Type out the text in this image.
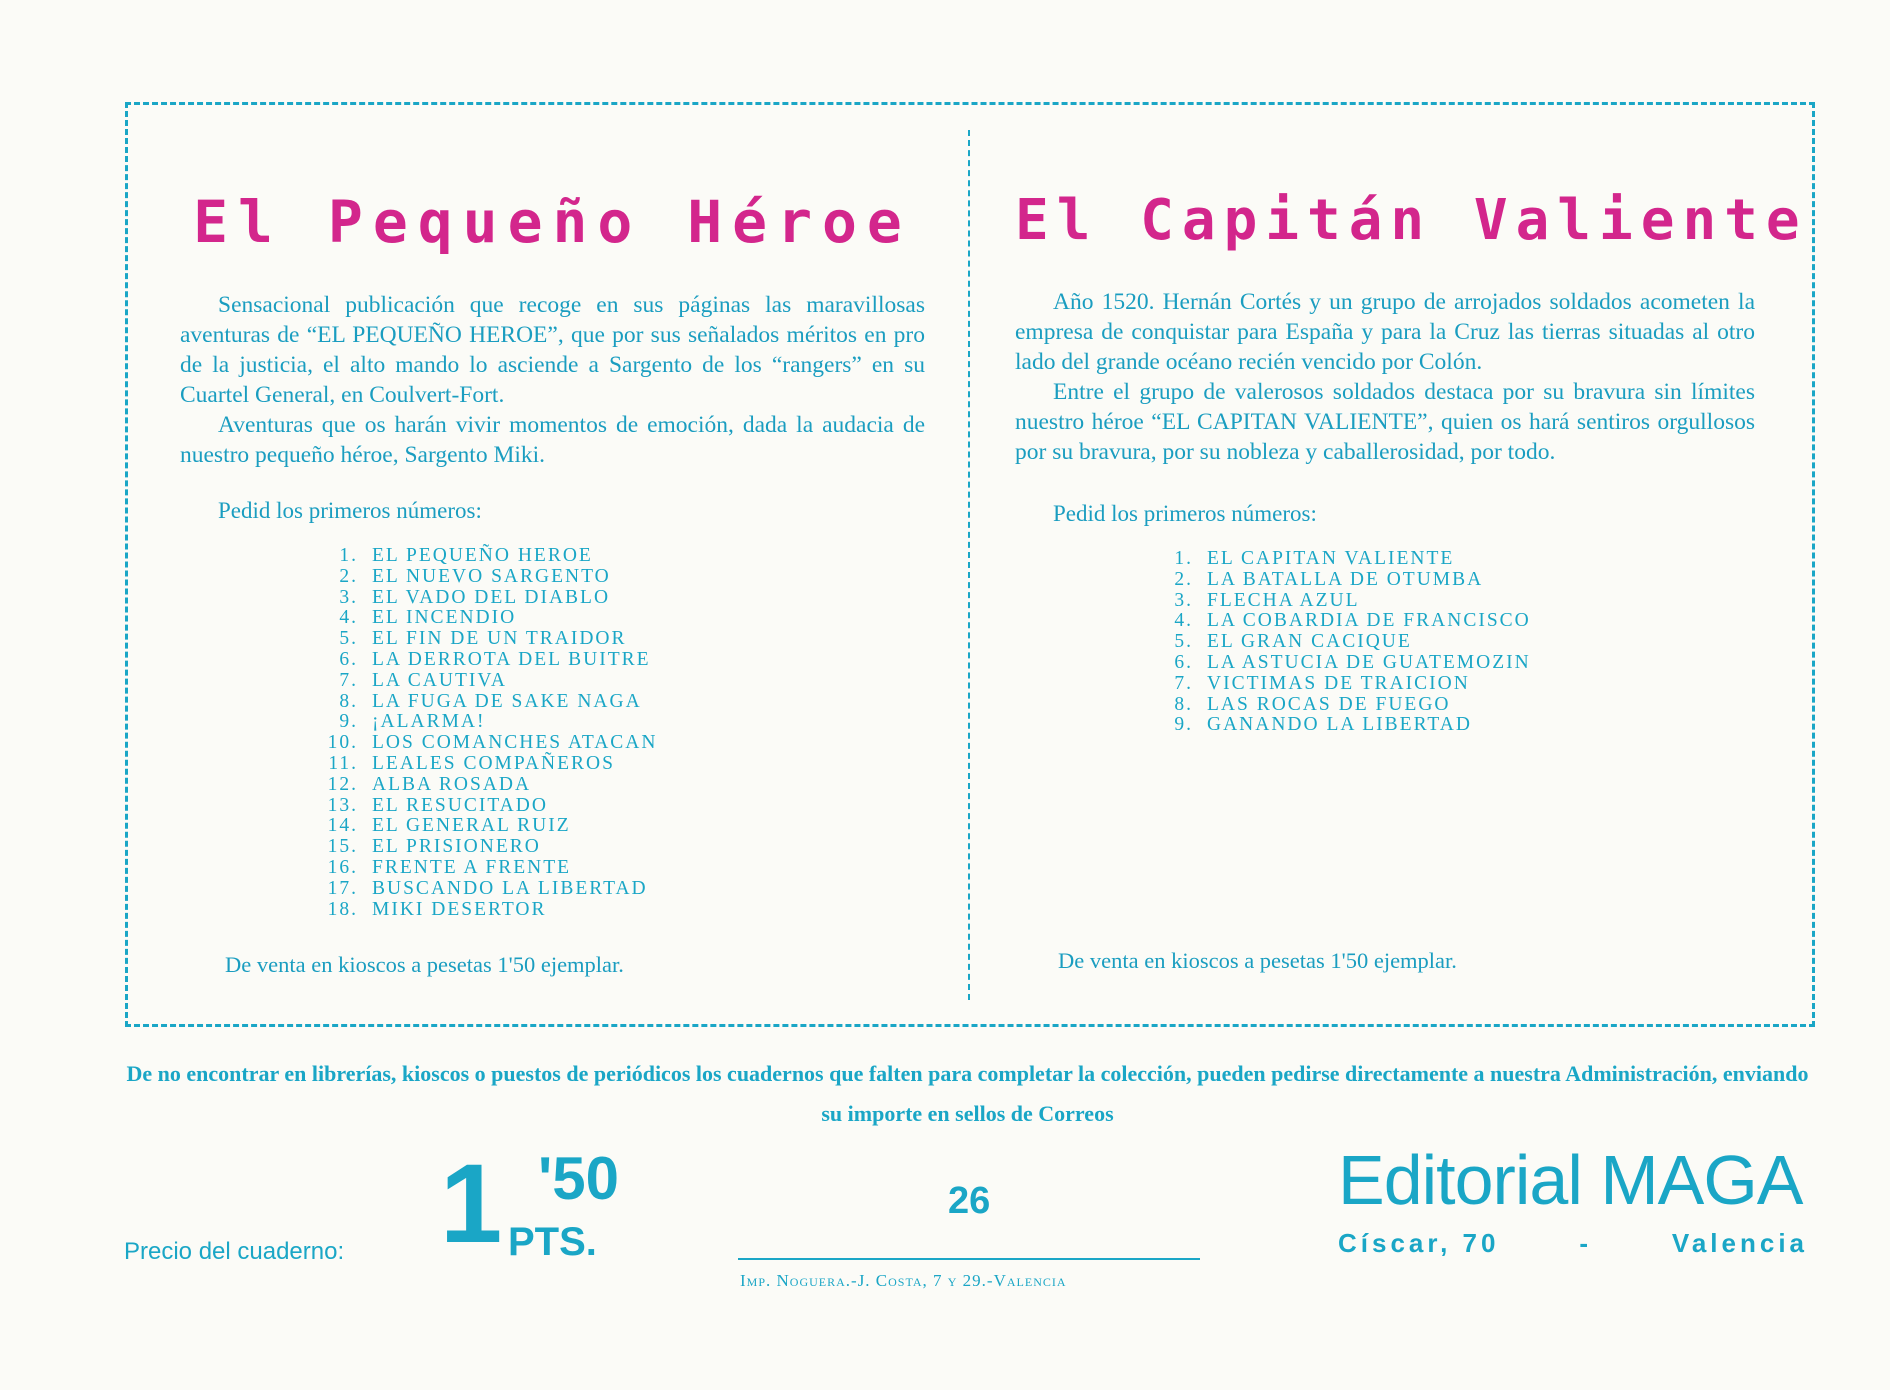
El Pequeño Héroe

Sensacional publicación que recoge en sus páginas las maravillosas aventuras de “EL PEQUEÑO HEROE”, que por sus señalados méritos en pro de la justicia, el alto mando lo asciende a Sargento de los “rangers” en su Cuartel General, en Coulvert-Fort.

Aventuras que os harán vivir momentos de emoción, dada la audacia de nuestro pequeño héroe, Sargento Miki.

Pedid los primeros números:
1. EL PEQUEÑO HEROE
2. EL NUEVO SARGENTO
3. EL VADO DEL DIABLO
4. EL INCENDIO
5. EL FIN DE UN TRAIDOR
6. LA DERROTA DEL BUITRE
7. LA CAUTIVA
8. LA FUGA DE SAKE NAGA
9. ¡ALARMA!
10. LOS COMANCHES ATACAN
11. LEALES COMPAÑEROS
12. ALBA ROSADA
13. EL RESUCITADO
14. EL GENERAL RUIZ
15. EL PRISIONERO
16. FRENTE A FRENTE
17. BUSCANDO LA LIBERTAD
18. MIKI DESERTOR
De venta en kioscos a pesetas 1'50 ejemplar.
El Capitán Valiente

Año 1520. Hernán Cortés y un grupo de arrojados soldados acometen la empresa de conquistar para España y para la Cruz las tierras situadas al otro lado del grande océano recién vencido por Colón.

Entre el grupo de valerosos soldados destaca por su bravura sin límites nuestro héroe “EL CAPITAN VALIENTE”, quien os hará sentiros orgullosos por su bravura, por su nobleza y caballerosidad, por todo.

Pedid los primeros números:
1. EL CAPITAN VALIENTE
2. LA BATALLA DE OTUMBA
3. FLECHA AZUL
4. LA COBARDIA DE FRANCISCO
5. EL GRAN CACIQUE
6. LA ASTUCIA DE GUATEMOZIN
7. VICTIMAS DE TRAICION
8. LAS ROCAS DE FUEGO
9. GANANDO LA LIBERTAD
De venta en kioscos a pesetas 1'50 ejemplar.
De no encontrar en librerías, kioscos o puestos de periódicos los cuadernos que falten para completar la colección, pueden pedirse directamente a nuestra Administración, enviando su importe en sellos de Correos
Precio del cuaderno: 1 '50
PTS.
26
Imp. Noguera.-J. Costa, 7 y 29.-Valencia
Editorial MAGA
Císcar, 70	-	Valencia
